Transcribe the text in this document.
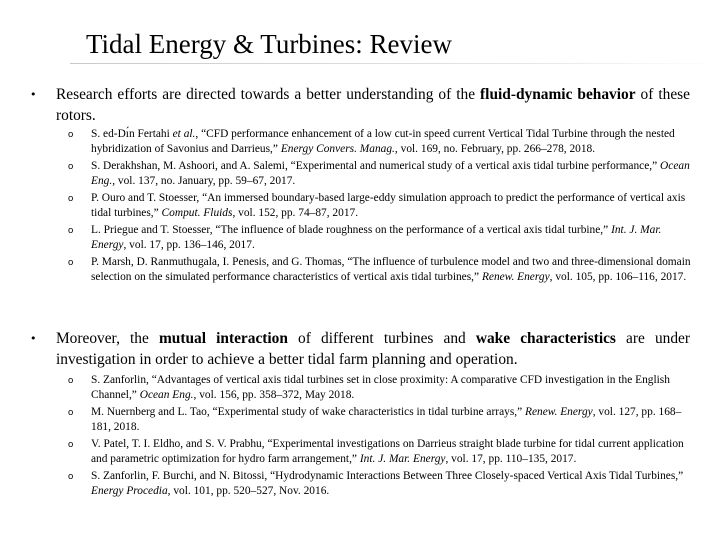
Tidal Energy & Turbines: Review
• Research efforts are directed towards a better understanding of the fluid-dynamic behavior of these rotors.
o S. ed-Dı́n Fertahi et al., “CFD performance enhancement of a low cut-in speed current Vertical Tidal Turbine through the nested hybridization of Savonius and Darrieus,” Energy Convers. Manag., vol. 169, no. February, pp. 266–278, 2018.
o S. Derakhshan, M. Ashoori, and A. Salemi, “Experimental and numerical study of a vertical axis tidal turbine performance,” Ocean Eng., vol. 137, no. January, pp. 59–67, 2017.
o P. Ouro and T. Stoesser, “An immersed boundary-based large-eddy simulation approach to predict the performance of vertical axis tidal turbines,” Comput. Fluids, vol. 152, pp. 74–87, 2017.
o L. Priegue and T. Stoesser, “The influence of blade roughness on the performance of a vertical axis tidal turbine,” Int. J. Mar. Energy, vol. 17, pp. 136–146, 2017.
o P. Marsh, D. Ranmuthugala, I. Penesis, and G. Thomas, “The influence of turbulence model and two and three-dimensional domain selection on the simulated performance characteristics of vertical axis tidal turbines,” Renew. Energy, vol. 105, pp. 106–116, 2017.
• Moreover, the mutual interaction of different turbines and wake characteristics are under investigation in order to achieve a better tidal farm planning and operation.
o S. Zanforlin, “Advantages of vertical axis tidal turbines set in close proximity: A comparative CFD investigation in the English Channel,” Ocean Eng., vol. 156, pp. 358–372, May 2018.
o M. Nuernberg and L. Tao, “Experimental study of wake characteristics in tidal turbine arrays,” Renew. Energy, vol. 127, pp. 168–181, 2018.
o V. Patel, T. I. Eldho, and S. V. Prabhu, “Experimental investigations on Darrieus straight blade turbine for tidal current application and parametric optimization for hydro farm arrangement,” Int. J. Mar. Energy, vol. 17, pp. 110–135, 2017.
o S. Zanforlin, F. Burchi, and N. Bitossi, “Hydrodynamic Interactions Between Three Closely-spaced Vertical Axis Tidal Turbines,” Energy Procedia, vol. 101, pp. 520–527, Nov. 2016.
